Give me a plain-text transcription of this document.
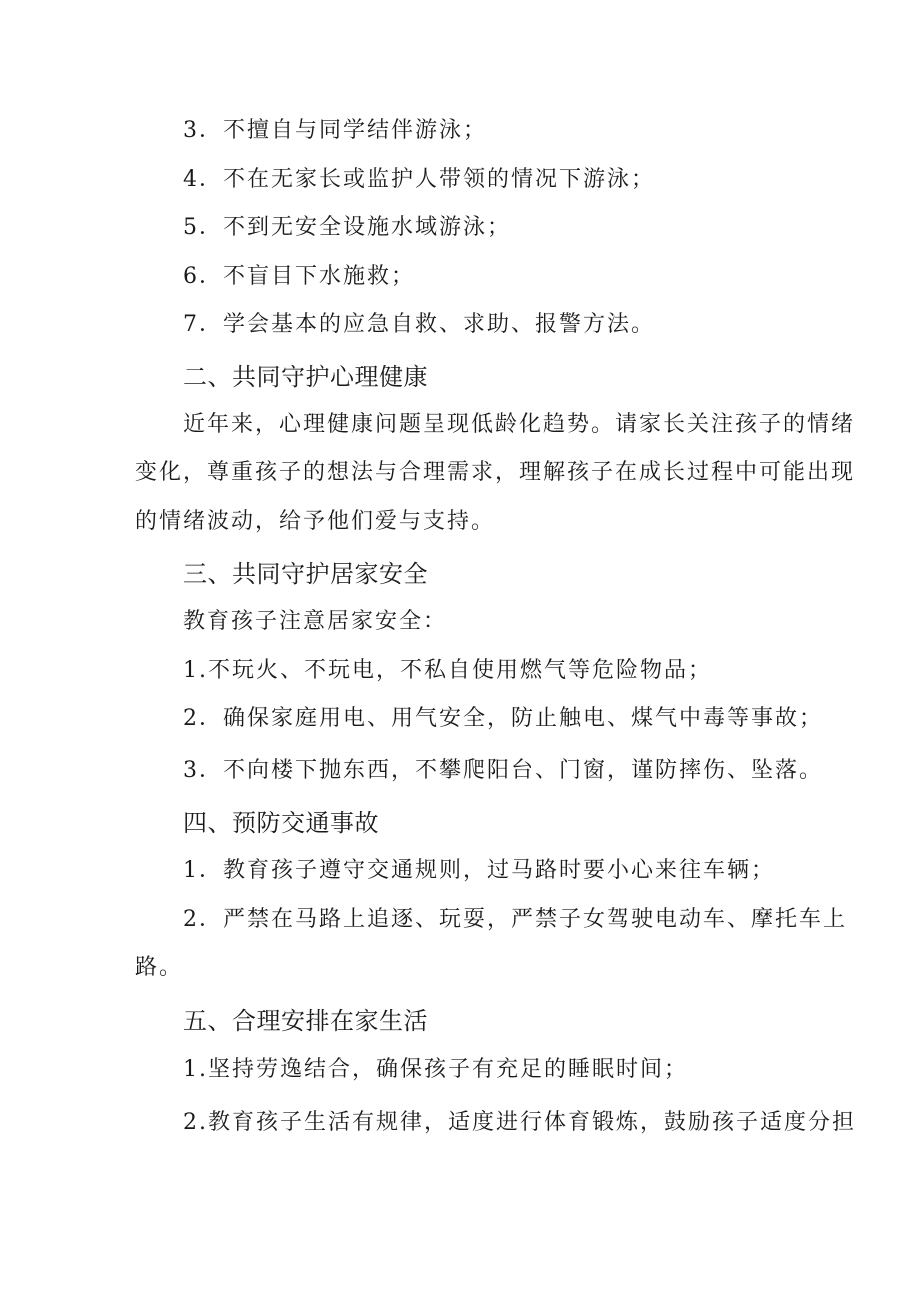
3．不擅自与同学结伴游泳；
4．不在无家长或监护人带领的情况下游泳；
5．不到无安全设施水域游泳；
6．不盲目下水施救；
7．学会基本的应急自救、求助、报警方法。
二、共同守护心理健康
近年来，心理健康问题呈现低龄化趋势。请家长关注孩子的情绪
变化，尊重孩子的想法与合理需求，理解孩子在成长过程中可能出现
的情绪波动，给予他们爱与支持。
三、共同守护居家安全
教育孩子注意居家安全：
1.不玩火、不玩电，不私自使用燃气等危险物品；
2．确保家庭用电、用气安全，防止触电、煤气中毒等事故；
3．不向楼下抛东西，不攀爬阳台、门窗，谨防摔伤、坠落。
四、预防交通事故
1．教育孩子遵守交通规则，过马路时要小心来往车辆；
2．严禁在马路上追逐、玩耍，严禁子女驾驶电动车、摩托车上
路。
五、合理安排在家生活
1.坚持劳逸结合，确保孩子有充足的睡眠时间；
2.教育孩子生活有规律，适度进行体育锻炼，鼓励孩子适度分担
